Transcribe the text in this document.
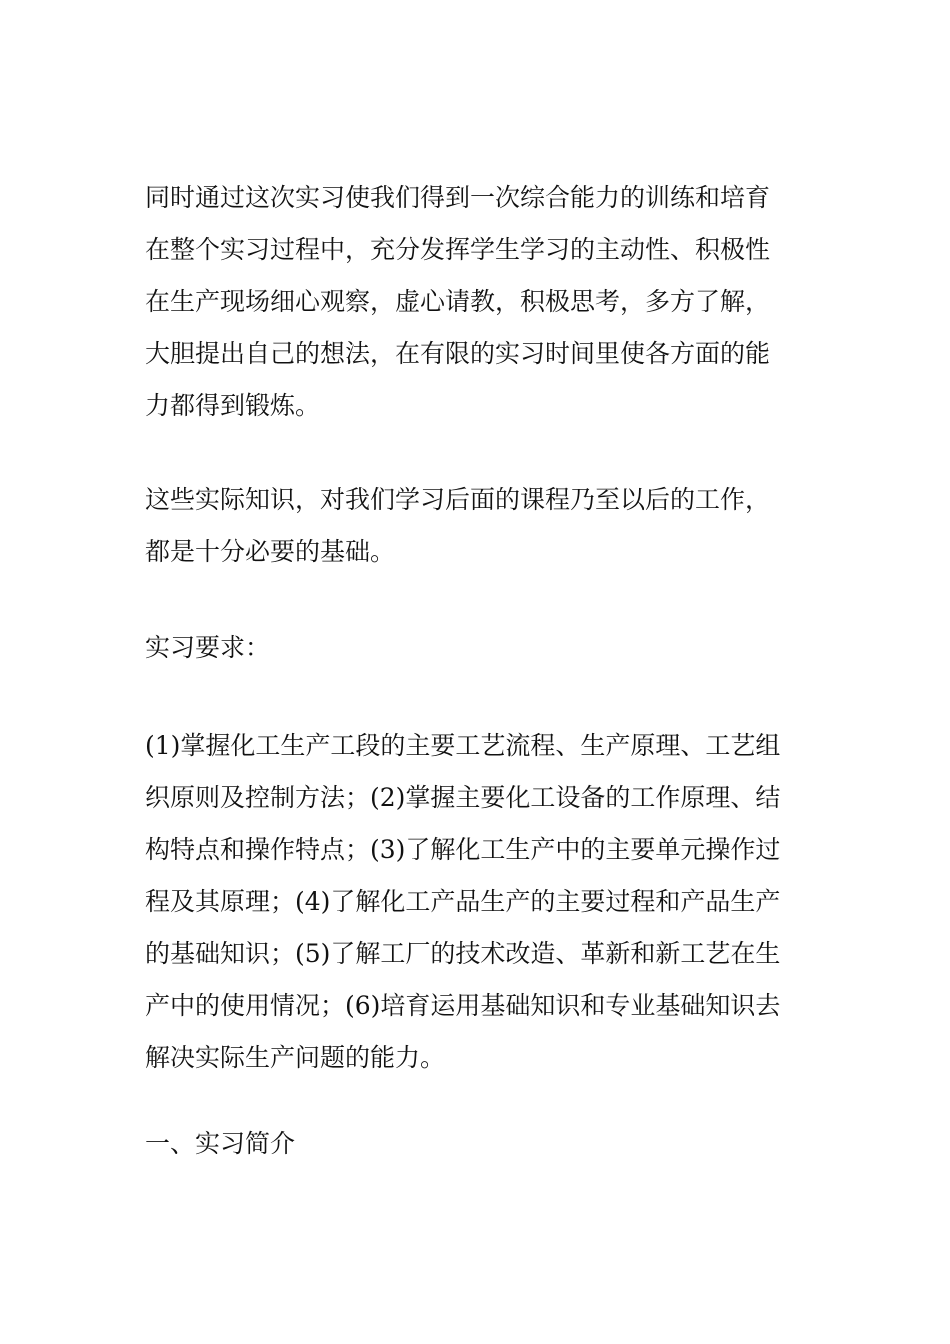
同时通过这次实习使我们得到一次综合能力的训练和培育
在整个实习过程中，充分发挥学生学习的主动性、积极性
在生产现场细心观察，虚心请教，积极思考，多方了解，
大胆提出自己的想法，在有限的实习时间里使各方面的能
力都得到锻炼。
这些实际知识，对我们学习后面的课程乃至以后的工作，
都是十分必要的基础。
实习要求：
(1)掌握化工生产工段的主要工艺流程、生产原理、工艺组
织原则及控制方法；(2)掌握主要化工设备的工作原理、结
构特点和操作特点；(3)了解化工生产中的主要单元操作过
程及其原理；(4)了解化工产品生产的主要过程和产品生产
的基础知识；(5)了解工厂的技术改造、革新和新工艺在生
产中的使用情况；(6)培育运用基础知识和专业基础知识去
解决实际生产问题的能力。
一、实习简介
